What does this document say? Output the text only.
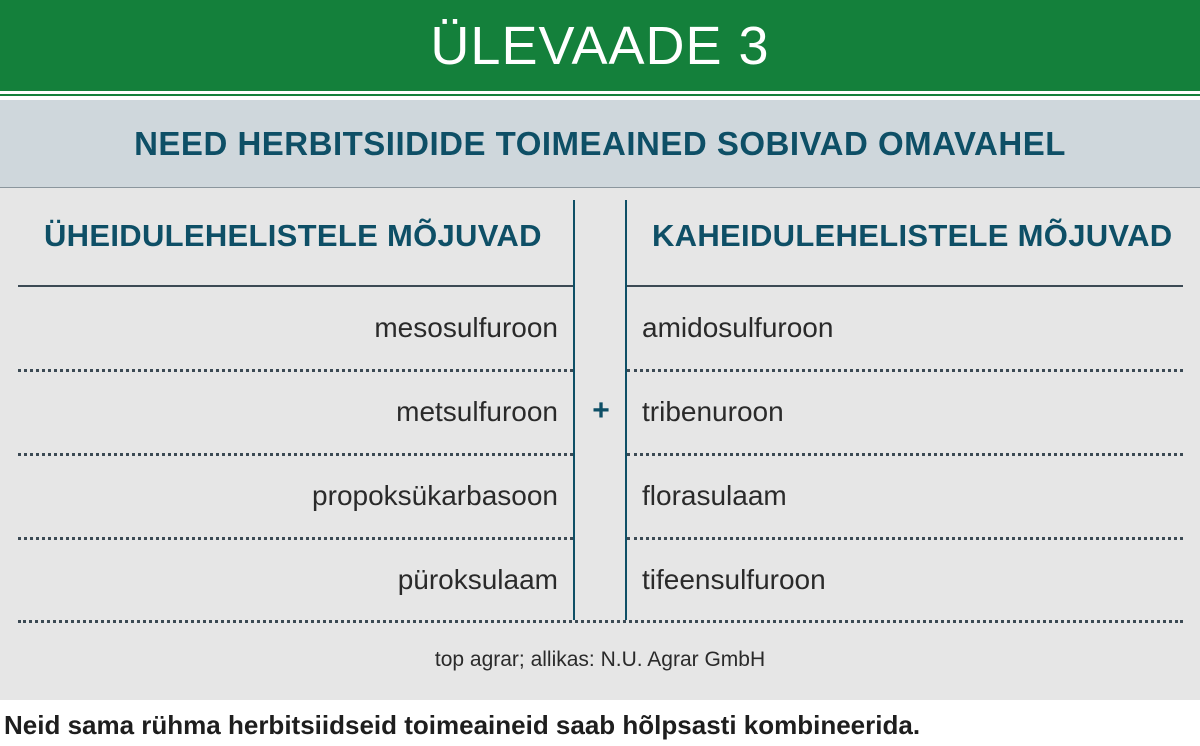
ÜLEVAADE 3
NEED HERBITSIIDIDE TOIMEAINED SOBIVAD OMAVAHEL
ÜHEIDULEHELISTELE MÕJUVAD	KAHEIDULEHELISTELE MÕJUVAD
mesosulfuroon	amidosulfuroon
metsulfuroon	tribenuroon
propoksükarbasoon	florasulaam
püroksulaam	tifeensulfuroon
+
top agrar; allikas: N.U. Agrar GmbH
Neid sama rühma herbitsiidseid toimeaineid saab hõlpsasti kombineerida.
